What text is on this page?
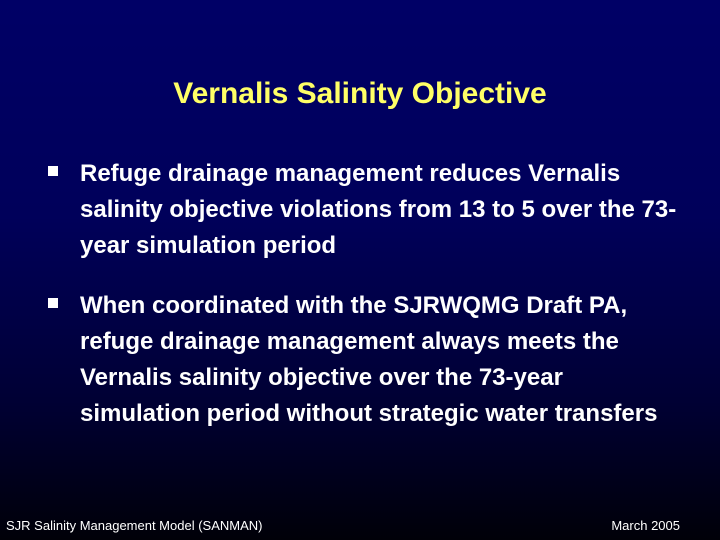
Vernalis Salinity Objective
Refuge drainage management reduces Vernalis salinity objective violations from 13 to 5 over the 73-year simulation period
When coordinated with the SJRWQMG Draft PA, refuge drainage management always meets the Vernalis salinity objective over the 73-year simulation period without strategic water transfers
SJR Salinity Management Model (SANMAN)	March 2005
